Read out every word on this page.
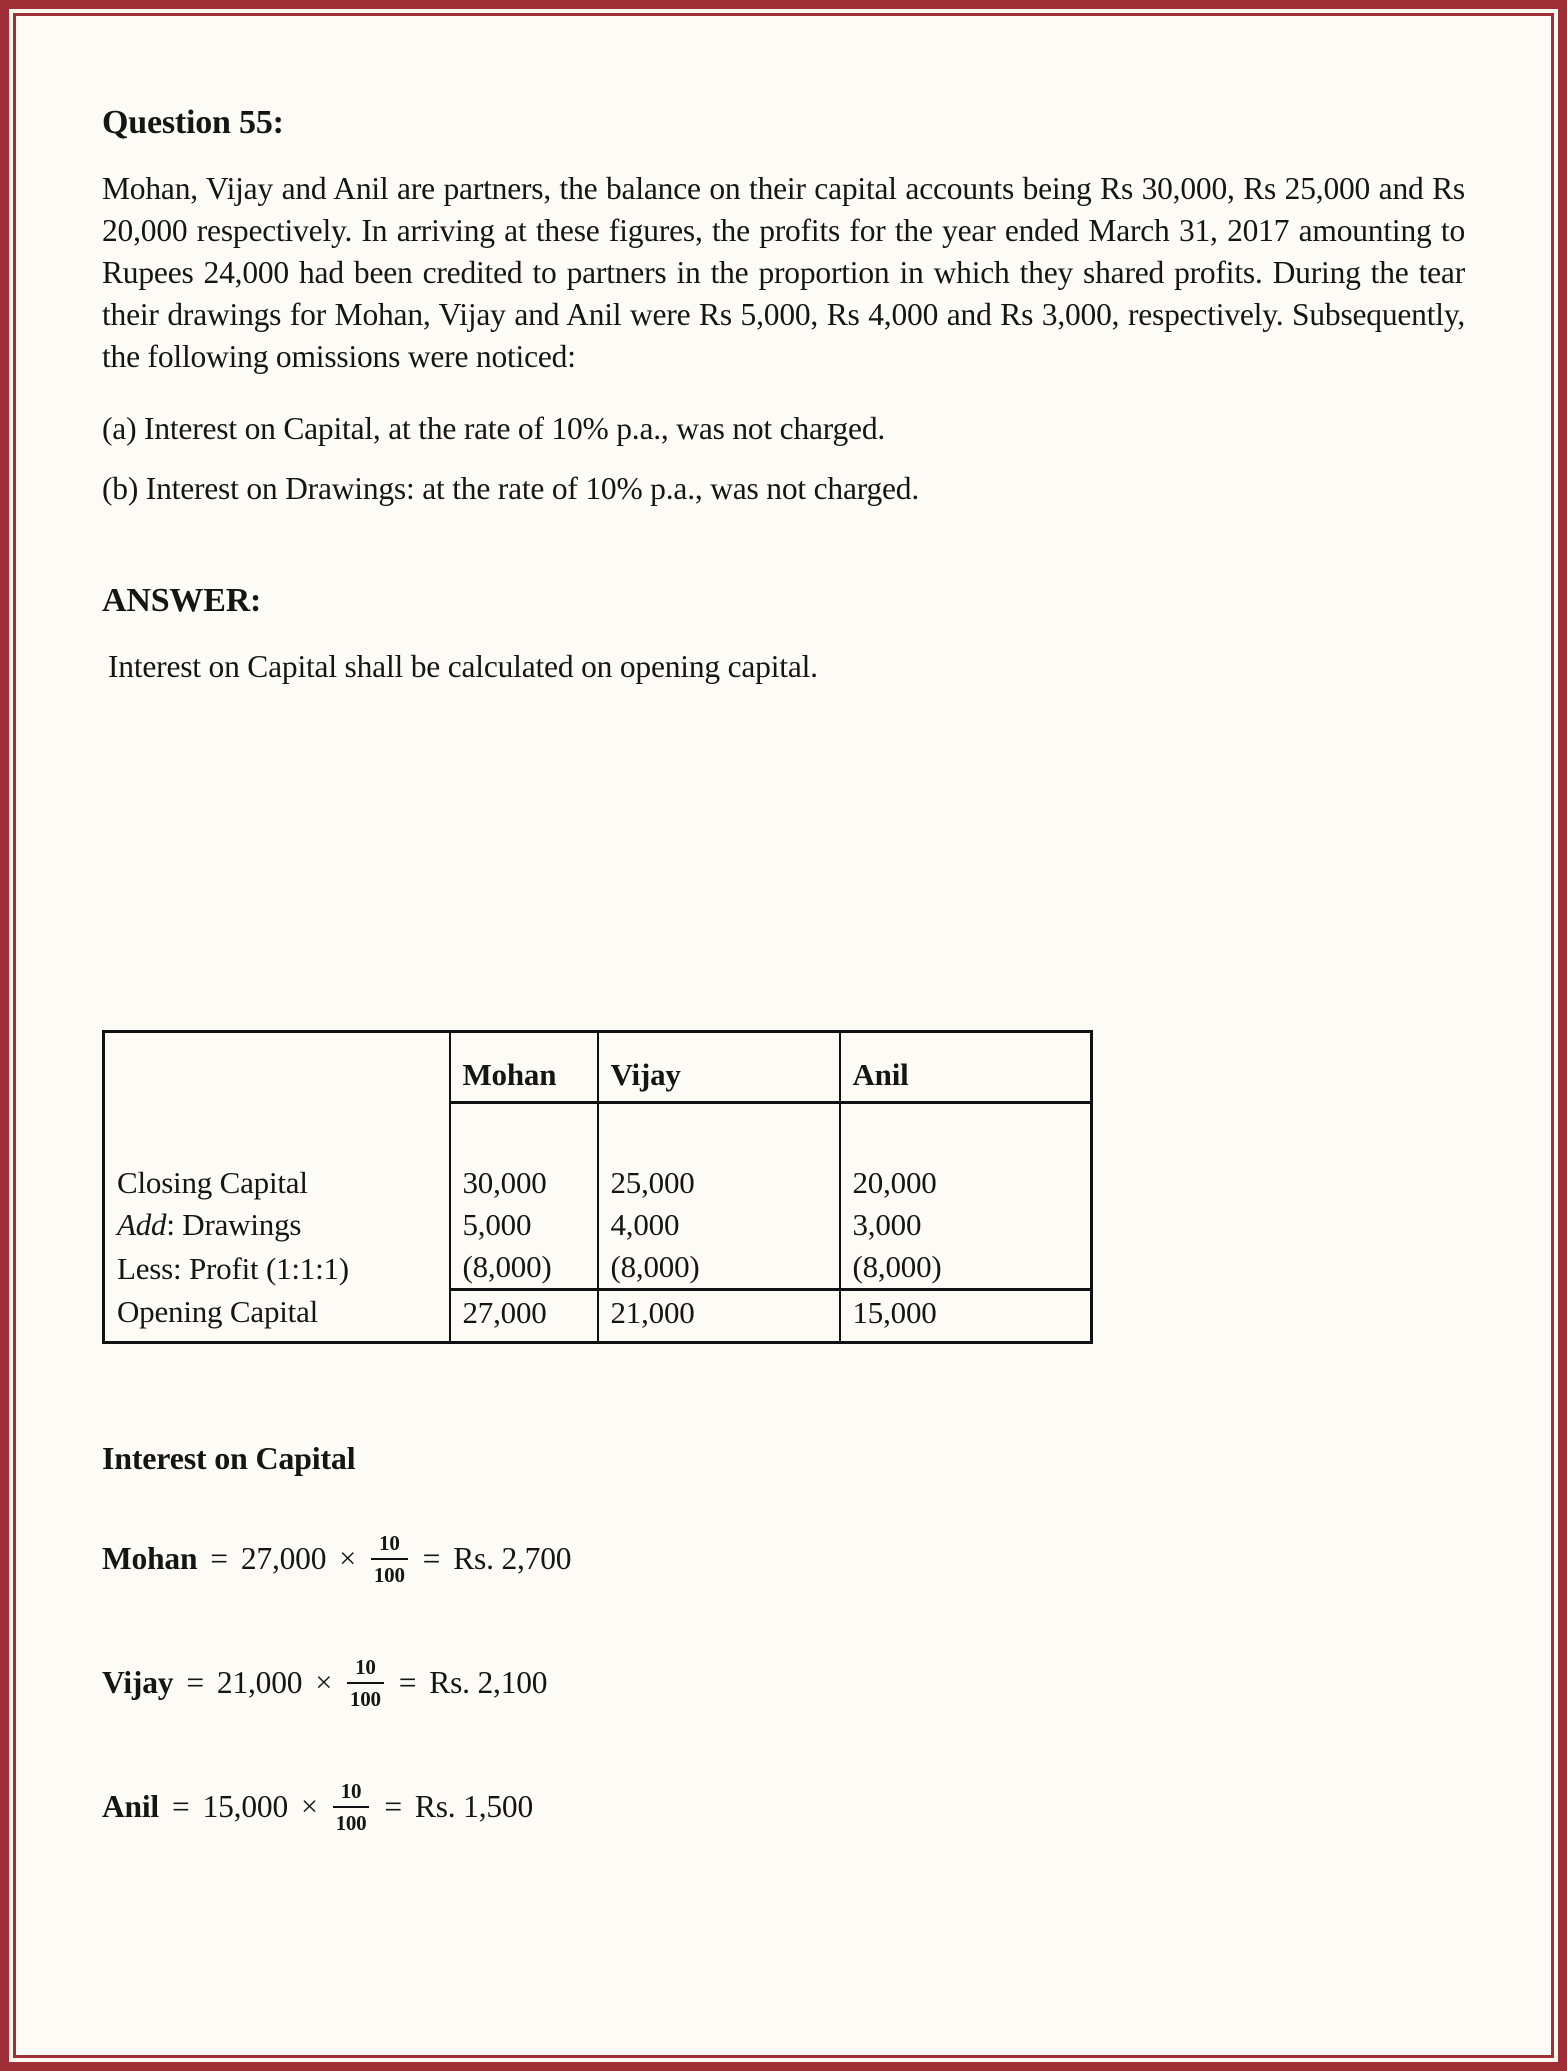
Question 55:

Mohan, Vijay and Anil are partners, the balance on their capital accounts being Rs 30,000, Rs 25,000 and Rs 20,000 respectively. In arriving at these figures, the profits for the year ended March 31, 2017 amounting to Rupees 24,000 had been credited to partners in the proportion in which they shared profits. During the tear their drawings for Mohan, Vijay and Anil were Rs 5,000, Rs 4,000 and Rs 3,000, respectively. Subsequently, the following omissions were noticed:

(a) Interest on Capital, at the rate of 10% p.a., was not charged.

(b) Interest on Drawings: at the rate of 10% p.a., was not charged.

ANSWER:

Interest on Capital shall be calculated on opening capital.

	Mohan	Vijay	Anil

Closing Capital	30,000	25,000	20,000
Add: Drawings	5,000	4,000	3,000
Less: Profit (1:1:1)	(8,000)	(8,000)	(8,000)
Opening Capital	27,000	21,000	15,000
Interest on Capital
Mohan = $27,000 \times \frac{10}{100} = Rs$. 2,700
Vijay = $21,000 \times \frac{10}{100} = Rs$. 2,100
Anil = $15,000 \times \frac{10}{100} = Rs$. 1,500
